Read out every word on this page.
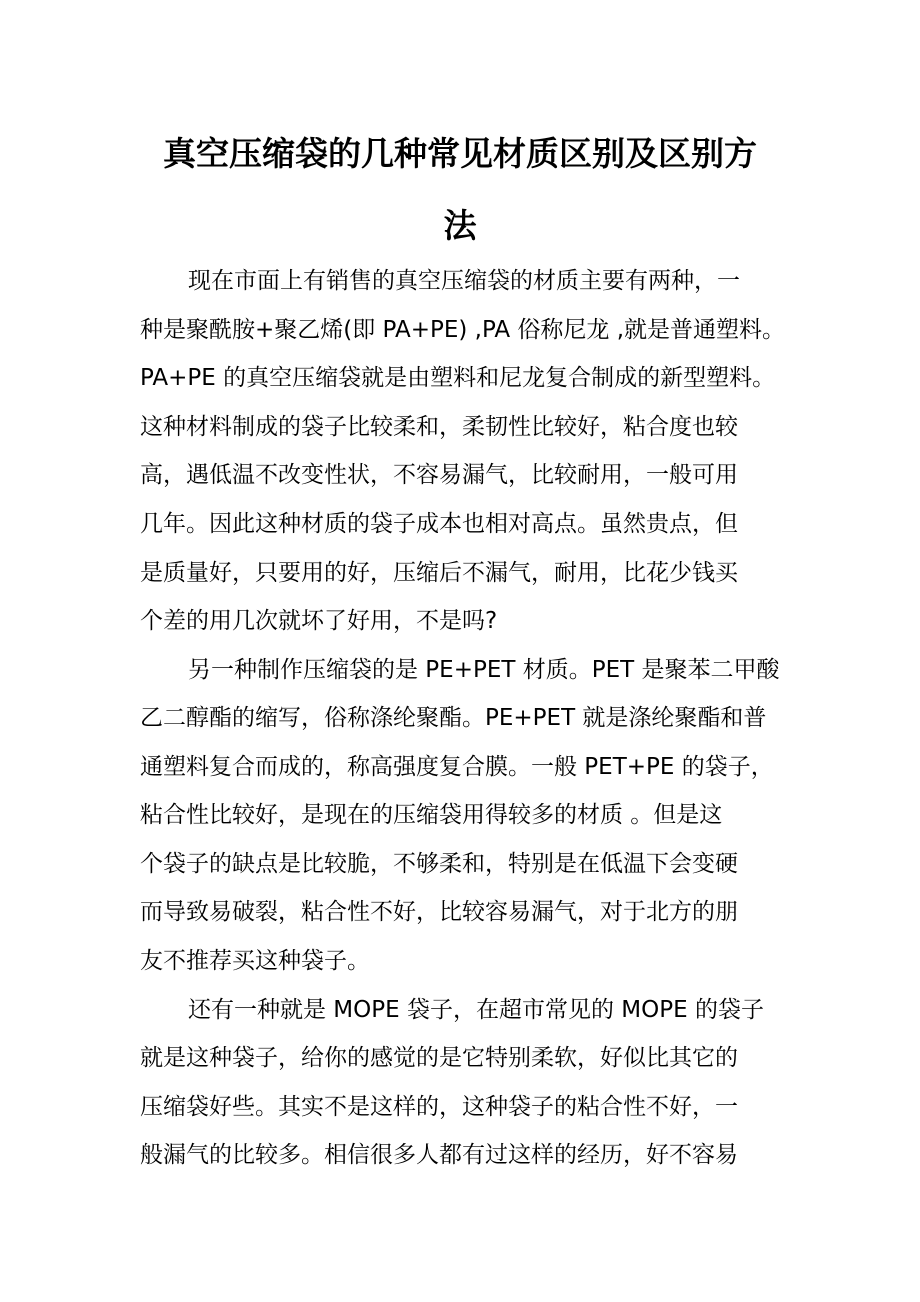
真空压缩袋的几种常见材质区别及区别方
法

现在市面上有销售的真空压缩袋的材质主要有两种，一

种是聚酰胺+聚乙烯(即 PA+PE) ,PA 俗称尼龙 ,就是普通塑料。

PA+PE 的真空压缩袋就是由塑料和尼龙复合制成的新型塑料。

这种材料制成的袋子比较柔和，柔韧性比较好，粘合度也较

高，遇低温不改变性状，不容易漏气，比较耐用，一般可用

几年。因此这种材质的袋子成本也相对高点。虽然贵点，但

是质量好，只要用的好，压缩后不漏气，耐用，比花少钱买

个差的用几次就坏了好用，不是吗?

另一种制作压缩袋的是 PE+PET 材质。PET 是聚苯二甲酸

乙二醇酯的缩写，俗称涤纶聚酯。PE+PET 就是涤纶聚酯和普

通塑料复合而成的，称高强度复合膜。一般 PET+PE 的袋子，

粘合性比较好，是现在的压缩袋用得较多的材质 。但是这

个袋子的缺点是比较脆，不够柔和，特别是在低温下会变硬

而导致易破裂，粘合性不好，比较容易漏气，对于北方的朋

友不推荐买这种袋子。

还有一种就是 MOPE 袋子，在超市常见的 MOPE 的袋子

就是这种袋子，给你的感觉的是它特别柔软，好似比其它的

压缩袋好些。其实不是这样的，这种袋子的粘合性不好，一

般漏气的比较多。相信很多人都有过这样的经历，好不容易
